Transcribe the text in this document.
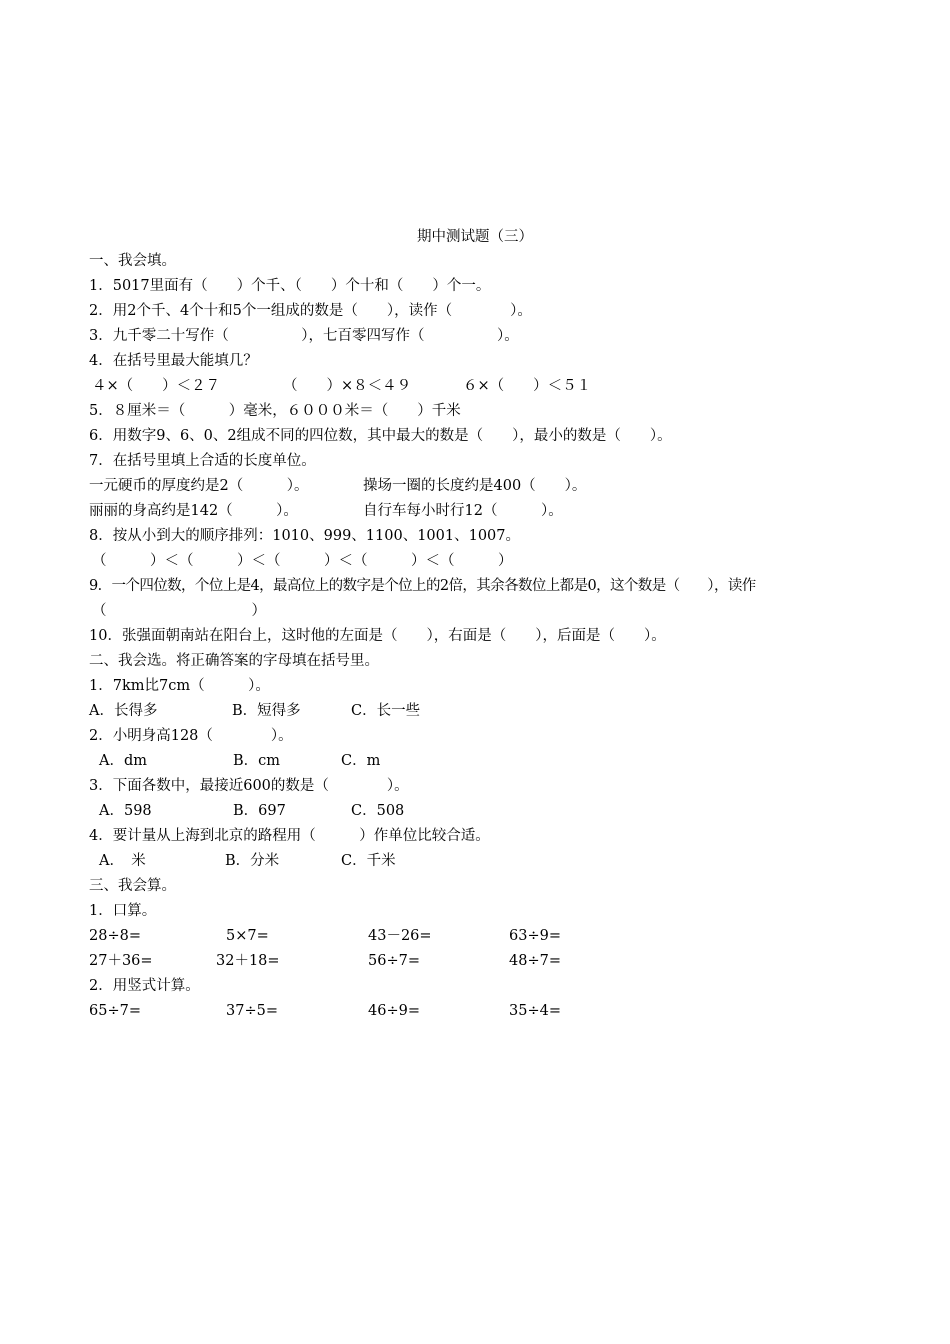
期中测试题（三）
一、我会填。
1．5017里面有（　　）个千、（　　）个十和（　　）个一。
2．用2个千、4个十和5个一组成的数是（　　），读作（　　　　）。
3．九千零二十写作（　　　　　），七百零四写作（　　　　　）。
4．在括号里最大能填几？
４×（　　）＜２７	（　　）×８＜４９	６×（　　）＜５１
5．８厘米＝（　　　）毫米，６０００米＝（　　）千米
6．用数字9、6、0、2组成不同的四位数，其中最大的数是（　　），最小的数是（　　）。
7．在括号里填上合适的长度单位。
一元硬币的厚度约是2（　　　）。	操场一圈的长度约是400（　　）。
丽丽的身高约是142（　　　）。	自行车每小时行12（　　　）。
8．按从小到大的顺序排列：1010、999、1100、1001、1007。
（　　　）＜（　　　）＜（　　　）＜（　　　）＜（　　　）
9．一个四位数，个位上是4，最高位上的数字是个位上的2倍，其余各数位上都是0，这个数是（　　），读作
（　　　　　　　　　　）
10．张强面朝南站在阳台上，这时他的左面是（　　），右面是（　　），后面是（　　）。
二、我会选。将正确答案的字母填在括号里。
1．7km比7cm（　　　）。
A．长得多	B．短得多	C．长一些
2．小明身高128（　　　　）。
A．dm	B．cm	C．m
3．下面各数中，最接近600的数是（　　　　）。
A．598	B．697	C．508
4．要计量从上海到北京的路程用（　　　）作单位比较合适。
A．　米	B．分米	C．千米
三、我会算。
1．口算。
28÷8=	5×7=	43－26=	63÷9=
27＋36=	32＋18=	56÷7=	48÷7=
2．用竖式计算。
65÷7=	37÷5=	46÷9=	35÷4=
